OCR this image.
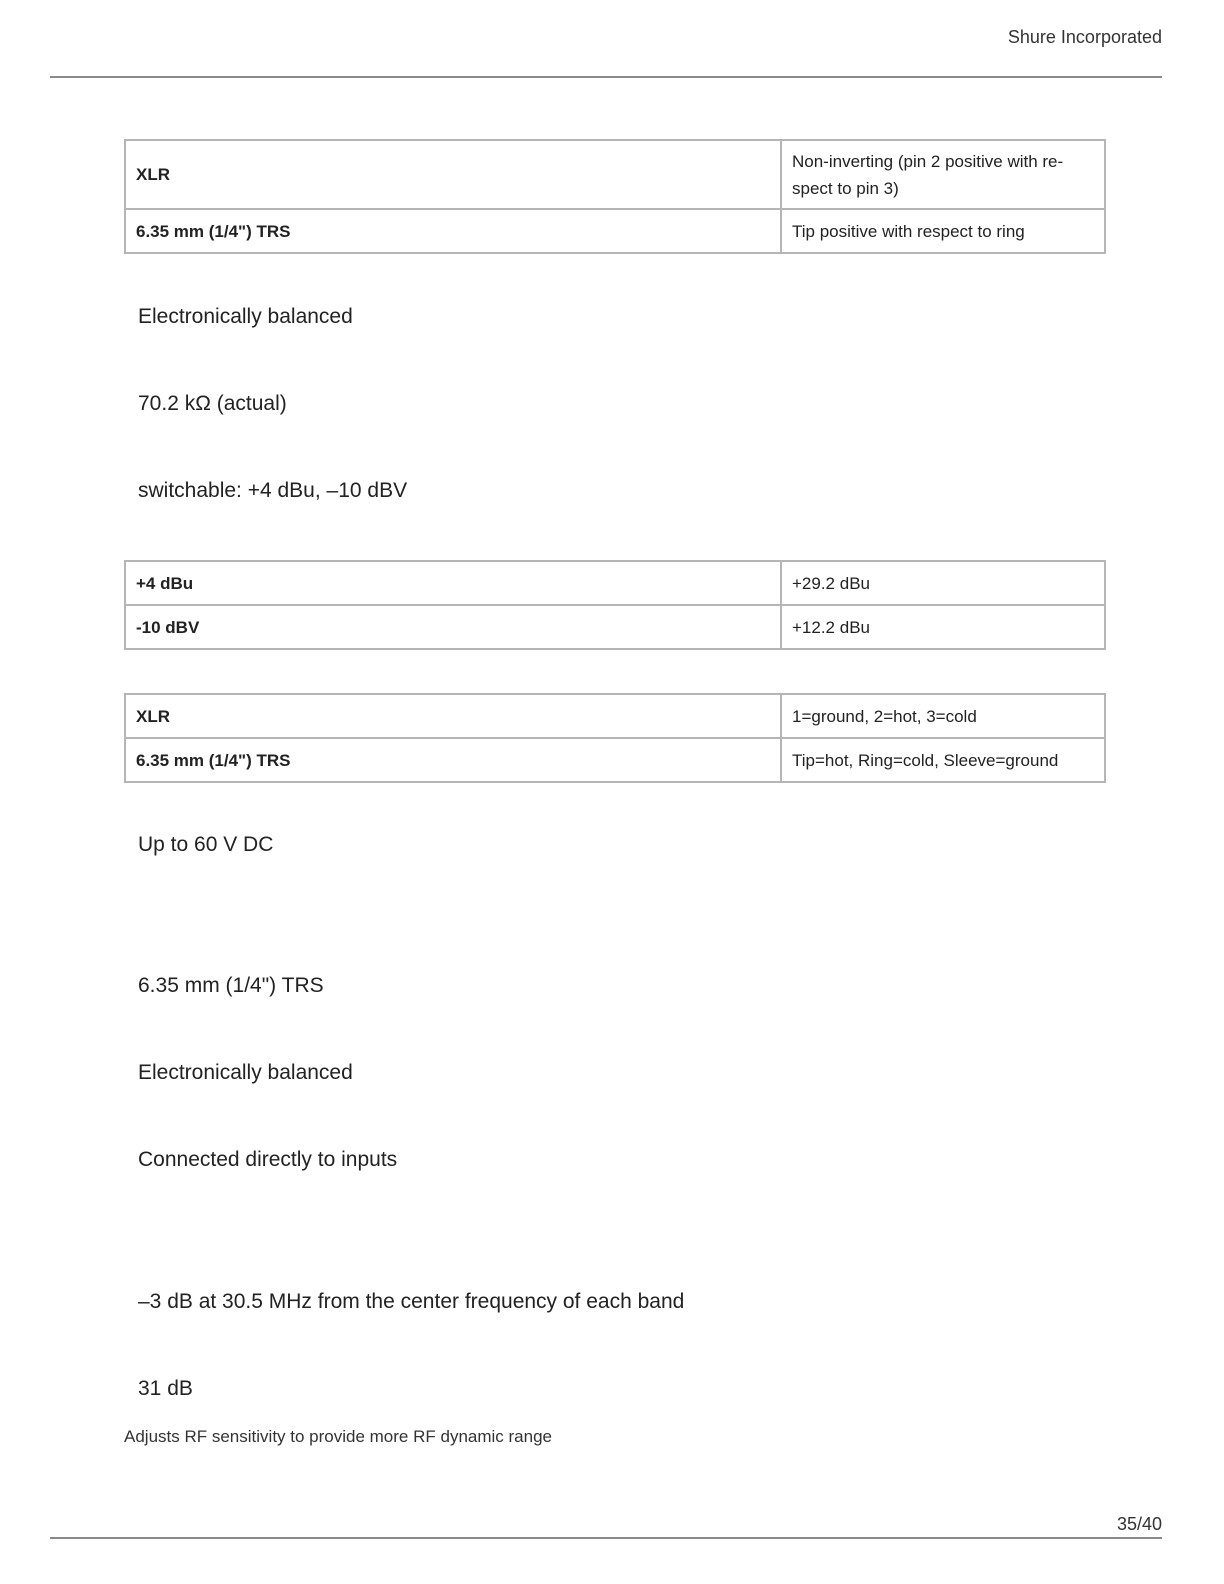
Shure Incorporated
XLR	Non-inverting (pin 2 positive with respect to pin 3)
6.35 mm (1/4") TRS	Tip positive with respect to ring
Electronically balanced
70.2 kΩ (actual)
switchable: +4 dBu, –10 dBV
+4 dBu	+29.2 dBu
-10 dBV	+12.2 dBu
XLR	1=ground, 2=hot, 3=cold
6.35 mm (1/4") TRS	Tip=hot, Ring=cold, Sleeve=ground
Up to 60 V DC
6.35 mm (1/4") TRS
Electronically balanced
Connected directly to inputs
–3 dB at 30.5 MHz from the center frequency of each band
31 dB
Adjusts RF sensitivity to provide more RF dynamic range
35/40
